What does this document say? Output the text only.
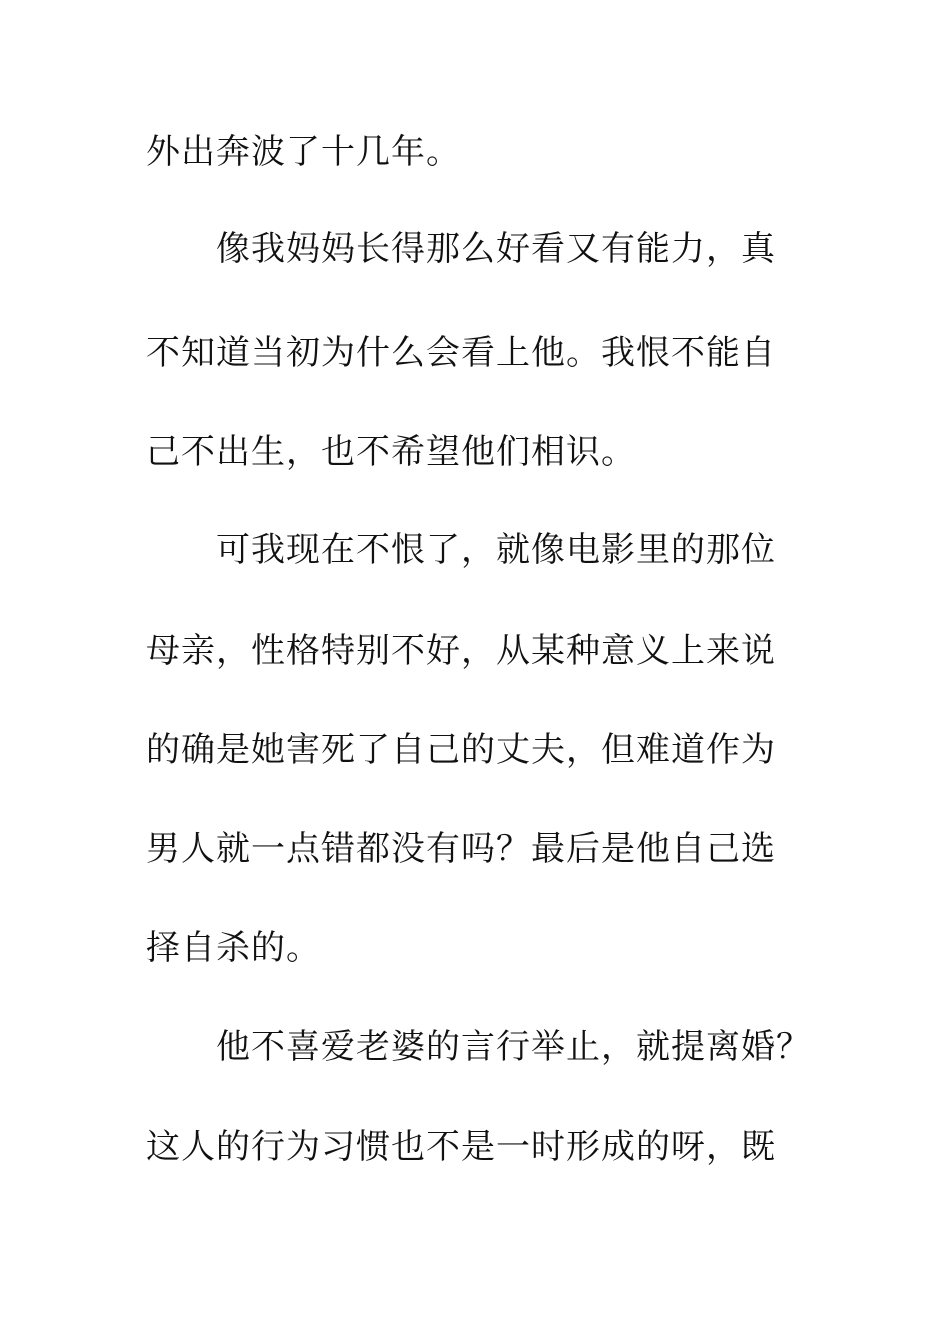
外出奔波了十几年。
像我妈妈长得那么好看又有能力，真
不知道当初为什么会看上他。我恨不能自
己不出生，也不希望他们相识。
可我现在不恨了，就像电影里的那位
母亲，性格特别不好，从某种意义上来说
的确是她害死了自己的丈夫，但难道作为
男人就一点错都没有吗？最后是他自己选
择自杀的。
他不喜爱老婆的言行举止，就提离婚？
这人的行为习惯也不是一时形成的呀，既
